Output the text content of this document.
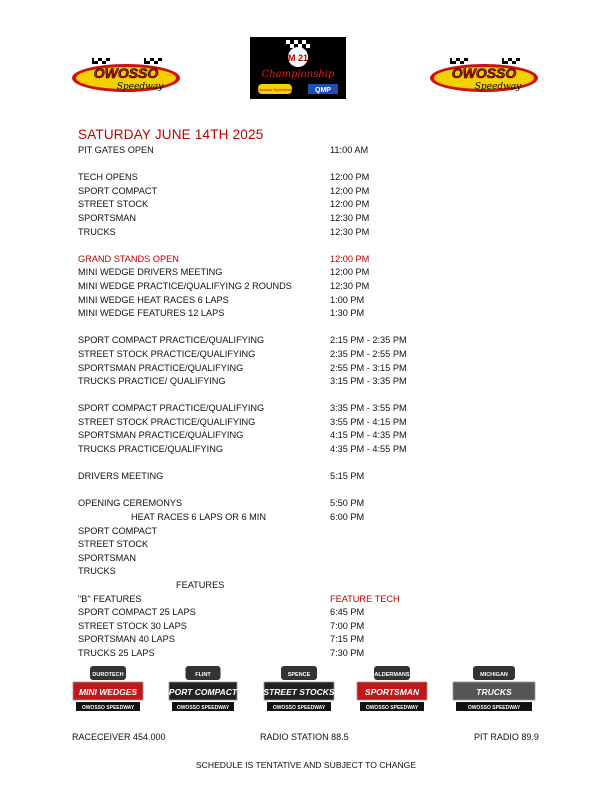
OWOSSO
Speedway
M 21
Championship
Owosso Speedway	QMP
OWOSSO
Speedway
SATURDAY JUNE 14TH 2025
PIT GATES OPEN	11:00 AM
TECH OPENS	12:00 PM
SPORT COMPACT	12:00 PM
STREET STOCK	12:00 PM
SPORTSMAN	12:30 PM
TRUCKS	12:30 PM
GRAND STANDS OPEN	12:00 PM
MINI WEDGE DRIVERS MEETING	12:00 PM
MINI WEDGE PRACTICE/QUALIFYING 2 ROUNDS	12:30 PM
MINI WEDGE HEAT RACES 6 LAPS	1:00 PM
MINI WEDGE FEATURES 12 LAPS	1:30 PM
SPORT COMPACT PRACTICE/QUALIFYING	2:15 PM - 2:35 PM
STREET STOCK PRACTICE/QUALIFYING	2:35 PM - 2:55 PM
SPORTSMAN PRACTICE/QUALIFYING	2:55 PM - 3:15 PM
TRUCKS PRACTICE/ QUALIFYING	3:15 PM - 3:35 PM
SPORT COMPACT PRACTICE/QUALIFYING	3:35 PM - 3:55 PM
STREET STOCK PRACTICE/QUALIFYING	3:55 PM - 4:15 PM
SPORTSMAN PRACTICE/QUALIFYING	4:15 PM - 4:35 PM
TRUCKS PRACTICE/QUALIFYING	4:35 PM - 4:55 PM
DRIVERS MEETING	5:15 PM
OPENING CEREMONYS	5:50 PM
HEAT RACES 6 LAPS OR 6 MIN	6:00 PM
SPORT COMPACT
STREET STOCK
SPORTSMAN
TRUCKS
FEATURES
"B" FEATURES	FEATURE TECH
SPORT COMPACT 25 LAPS	6:45 PM
STREET STOCK 30 LAPS	7:00 PM
SPORTSMAN 40 LAPS	7:15 PM
TRUCKS 25 LAPS	7:30 PM
DUROTECH
MINI WEDGES
OWOSSO SPEEDWAY
FLINT
SPORT COMPACTS
OWOSSO SPEEDWAY
SPENCE
STREET STOCKS
OWOSSO SPEEDWAY
ALDERMANS
SPORTSMAN
OWOSSO SPEEDWAY
MICHIGAN
TRUCKS
OWOSSO SPEEDWAY
RACECEIVER 454.000	RADIO STATION 88.5	PIT RADIO 89.9
SCHEDULE IS TENTATIVE AND SUBJECT TO CHANGE
